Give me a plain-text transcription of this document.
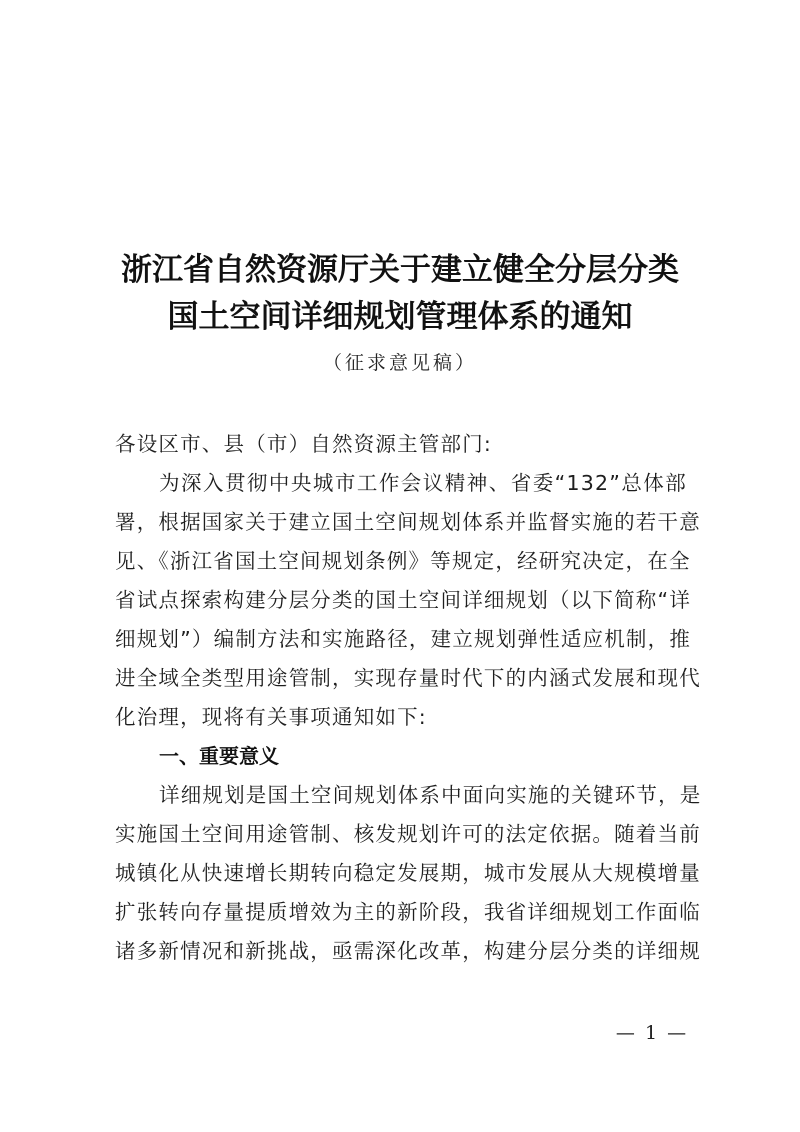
浙江省自然资源厅关于建立健全分层分类
国土空间详细规划管理体系的通知
（征求意见稿）
各设区市、县（市）自然资源主管部门:
为深入贯彻中央城市工作会议精神、省委“132”总体部
署，根据国家关于建立国土空间规划体系并监督实施的若干意
见、《浙江省国土空间规划条例》等规定，经研究决定，在全
省试点探索构建分层分类的国土空间详细规划（以下简称“详
细规划”）编制方法和实施路径，建立规划弹性适应机制，推
进全域全类型用途管制，实现存量时代下的内涵式发展和现代
化治理，现将有关事项通知如下:
一、重要意义
详细规划是国土空间规划体系中面向实施的关键环节，是
实施国土空间用途管制、核发规划许可的法定依据。随着当前
城镇化从快速增长期转向稳定发展期，城市发展从大规模增量
扩张转向存量提质增效为主的新阶段，我省详细规划工作面临
诸多新情况和新挑战，亟需深化改革，构建分层分类的详细规
— 1 —
